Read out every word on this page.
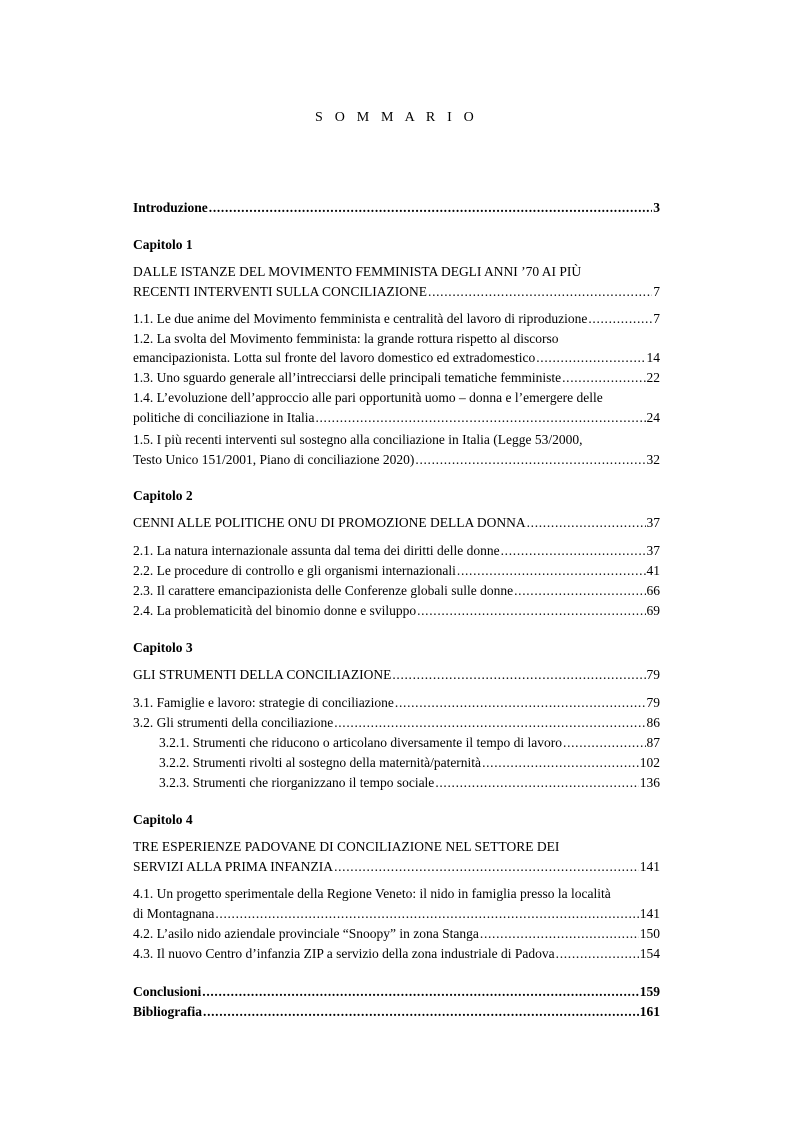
S O M M A R I O
Introduzione . . .	3
Capitolo 1
DALLE ISTANZE DEL MOVIMENTO FEMMINISTA DEGLI ANNI ’70 AI PIÙ
RECENTI INTERVENTI SULLA CONCILIAZIONE . . .	7
1.1. Le due anime del Movimento femminista e centralità del lavoro di riproduzione . . .	7
1.2. La svolta del Movimento femminista: la grande rottura rispetto al discorso
emancipazionista. Lotta sul fronte del lavoro domestico ed extradomestico . . .	14
1.3. Uno sguardo generale all’intrecciarsi delle principali tematiche femministe . . .	22
1.4. L’evoluzione dell’approccio alle pari opportunità uomo – donna e l’emergere delle
politiche di conciliazione in Italia . . .	24
1.5. I più recenti interventi sul sostegno alla conciliazione in Italia (Legge 53/2000,
Testo Unico 151/2001, Piano di conciliazione 2020) . . .	32
Capitolo 2
CENNI ALLE POLITICHE ONU DI PROMOZIONE DELLA DONNA . . .	37
2.1. La natura internazionale assunta dal tema dei diritti delle donne . . .	37
2.2. Le procedure di controllo e gli organismi internazionali . . .	41
2.3. Il carattere emancipazionista delle Conferenze globali sulle donne . . .	66
2.4. La problematicità del binomio donne e sviluppo . . .	69
Capitolo 3
GLI STRUMENTI DELLA CONCILIAZIONE . . .	79
3.1. Famiglie e lavoro: strategie di conciliazione . . .	79
3.2. Gli strumenti della conciliazione . . .	86
3.2.1. Strumenti che riducono o articolano diversamente il tempo di lavoro . . .	87
3.2.2. Strumenti rivolti al sostegno della maternità/paternità . . .	102
3.2.3. Strumenti che riorganizzano il tempo sociale . . .	136
Capitolo 4
TRE ESPERIENZE PADOVANE DI CONCILIAZIONE NEL SETTORE DEI
SERVIZI ALLA PRIMA INFANZIA . . .	141
4.1. Un progetto sperimentale della Regione Veneto: il nido in famiglia presso la località
di Montagnana . . .	141
4.2. L’asilo nido aziendale provinciale “Snoopy” in zona Stanga . . .	150
4.3. Il nuovo Centro d’infanzia ZIP a servizio della zona industriale di Padova . . .	154
Conclusioni . . .	159
Bibliografia . . .	161
